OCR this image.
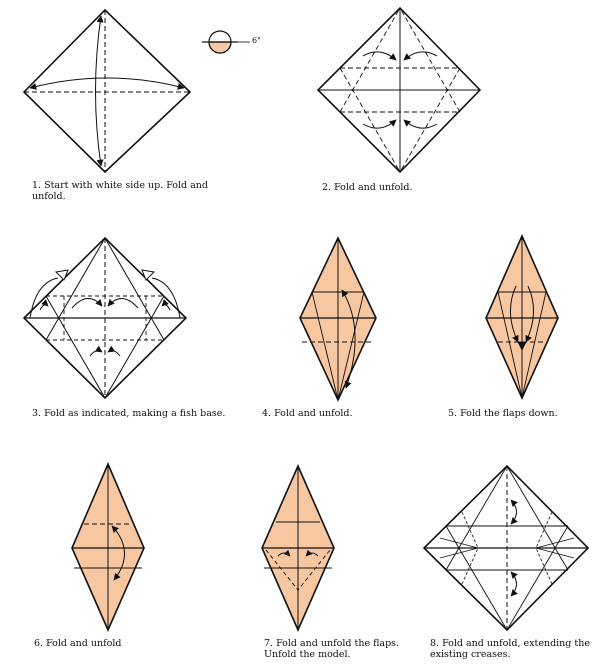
6"

1. Start with white side up. Fold and unfold.

2. Fold and unfold.

3. Fold as indicated, making a fish base.	4. Fold and unfold.	5. Fold the flaps down.

6. Fold and unfold	7. Fold and unfold the flaps. Unfold the model.

8. Fold and unfold, extending the existing creases.
